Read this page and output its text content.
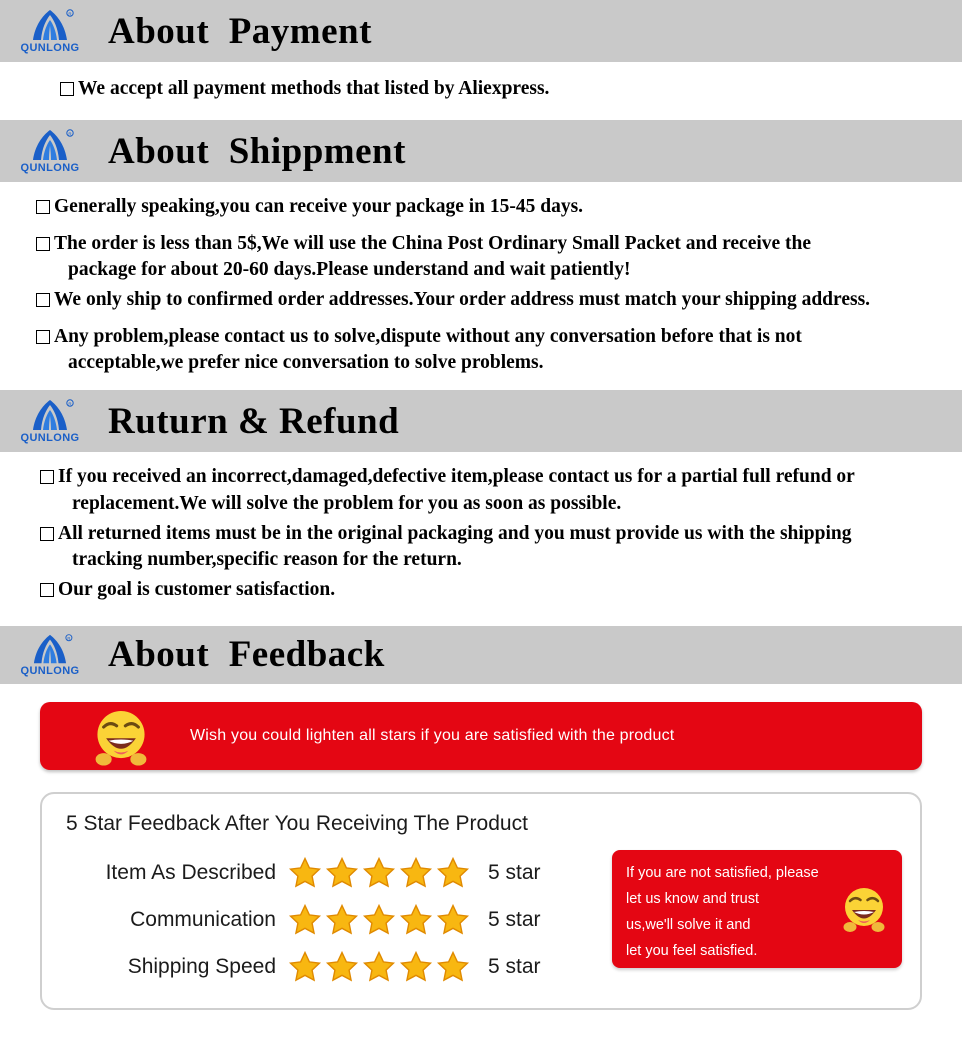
R
QUNLONG About  Payment
We accept all payment methods that listed by Aliexpress.
R
QUNLONG About  Shippment
Generally speaking,you can receive your package in 15-45 days.
The order is less than 5$,We will use the China Post Ordinary Small Packet and receive the
package for about 20-60 days.Please understand and wait patiently!
We only ship to confirmed order addresses.Your order address must match your shipping address.
Any problem,please contact us to solve,dispute without any conversation before that is not
acceptable,we prefer nice conversation to solve problems.
R
QUNLONG Ruturn & Refund
If you received an incorrect,damaged,defective item,please contact us for a partial full refund or
replacement.We will solve the problem for you as soon as possible.
All returned items must be in the original packaging and you must provide us with the shipping
tracking number,specific reason for the return.
Our goal is customer satisfaction.
R
QUNLONG About  Feedback
Wish you could lighten all stars if you are satisfied with the product
5 Star Feedback After You Receiving The Product
Item As Described	5 star
Communication	5 star
Shipping Speed	5 star
If you are not satisfied, please
let us know and trust
us,we'll solve it and
let you feel satisfied.
